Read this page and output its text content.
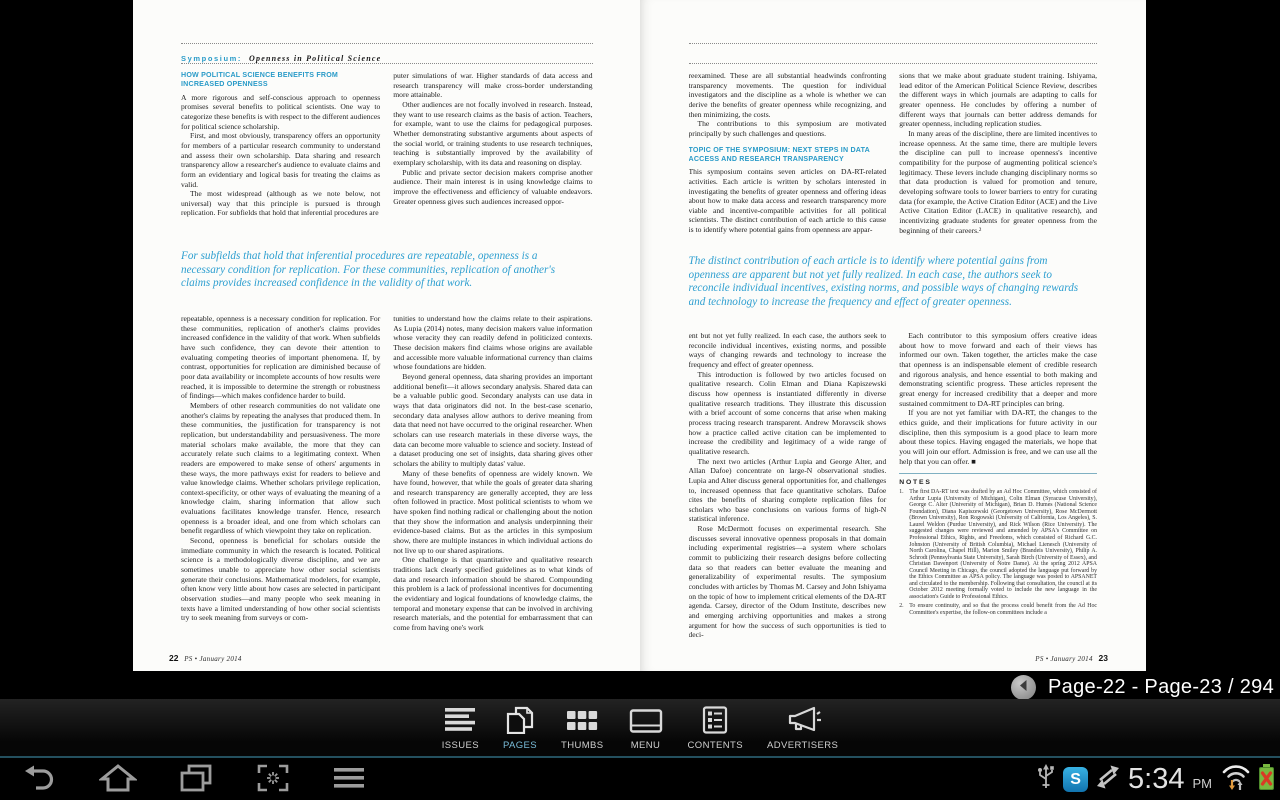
Symposium: Openness in Political Science
HOW POLITICAL SCIENCE BENEFITS FROM INCREASED OPENNESS

A more rigorous and self-conscious approach to openness promises several benefits to political scientists. One way to categorize these benefits is with respect to the different audiences for political science scholarship.

First, and most obviously, transparency offers an opportunity for members of a particular research community to understand and assess their own scholarship. Data sharing and research transparency allow a researcher's audience to evaluate claims and form an evidentiary and logical basis for treating the claims as valid.

The most widespread (although as we note below, not universal) way that this principle is pursued is through replication. For subfields that hold that inferential procedures are

puter simulations of war. Higher standards of data access and research transparency will make cross-border understanding more attainable.

Other audiences are not focally involved in research. Instead, they want to use research claims as the basis of action. Teachers, for example, want to use the claims for pedagogical purposes. Whether demonstrating substantive arguments about aspects of the social world, or training students to use research techniques, teaching is substantially improved by the availability of exemplary scholarship, with its data and reasoning on display.

Public and private sector decision makers comprise another audience. Their main interest is in using knowledge claims to improve the effectiveness and efficiency of valuable endeavors. Greater openness gives such audiences increased oppor-

For subfields that hold that inferential procedures are repeatable, openness is a necessary condition for replication. For these communities, replication of another's claims provides increased confidence in the validity of that work.

repeatable, openness is a necessary condition for replication. For these communities, replication of another's claims provides increased confidence in the validity of that work. When subfields have such confidence, they can devote their attention to evaluating competing theories of important phenomena. If, by contrast, opportunities for replication are diminished because of poor data availability or incomplete accounts of how results were reached, it is impossible to determine the strength or robustness of findings—which makes confidence harder to build.

Members of other research communities do not validate one another's claims by repeating the analyses that produced them. In these communities, the justification for transparency is not replication, but understandability and persuasiveness. The more material scholars make available, the more that they can accurately relate such claims to a legitimating context. When readers are empowered to make sense of others' arguments in these ways, the more pathways exist for readers to believe and value knowledge claims. Whether scholars privilege replication, context-specificity, or other ways of evaluating the meaning of a knowledge claim, sharing information that allow such evaluations facilitates knowledge transfer. Hence, research openness is a broader ideal, and one from which scholars can benefit regardless of which viewpoint they take on replication.

Second, openness is beneficial for scholars outside the immediate community in which the research is located. Political science is a methodologically diverse discipline, and we are sometimes unable to appreciate how other social scientists generate their conclusions. Mathematical modelers, for example, often know very little about how cases are selected in participant observation studies—and many people who seek meaning in texts have a limited understanding of how other social scientists try to seek meaning from surveys or com-

tunities to understand how the claims relate to their aspirations. As Lupia (2014) notes, many decision makers value information whose veracity they can readily defend in politicized contexts. These decision makers find claims whose origins are available and accessible more valuable informational currency than claims whose foundations are hidden.

Beyond general openness, data sharing provides an important additional benefit—it allows secondary analysis. Shared data can be a valuable public good. Secondary analysts can use data in ways that data originators did not. In the best-case scenario, secondary data analyses allow authors to derive meaning from data that need not have occurred to the original researcher. When scholars can use research materials in these diverse ways, the data can become more valuable to science and society. Instead of a dataset producing one set of insights, data sharing gives other scholars the ability to multiply datas' value.

Many of these benefits of openness are widely known. We have found, however, that while the goals of greater data sharing and research transparency are generally accepted, they are less often followed in practice. Most political scientists to whom we have spoken find nothing radical or challenging about the notion that they show the information and analysis underpinning their evidence-based claims. But as the articles in this symposium show, there are multiple instances in which individual actions do not live up to our shared aspirations.

One challenge is that quantitative and qualitative research traditions lack clearly specified guidelines as to what kinds of data and research information should be shared. Compounding this problem is a lack of professional incentives for documenting the evidentiary and logical foundations of knowledge claims, the temporal and monetary expense that can be involved in archiving research materials, and the potential for embarrassment that can come from having one's work

22 PS • January 2014

reexamined. These are all substantial headwinds confronting transparency movements. The question for individual investigators and the discipline as a whole is whether we can derive the benefits of greater openness while recognizing, and then minimizing, the costs.

The contributions to this symposium are motivated principally by such challenges and questions.

TOPIC OF THE SYMPOSIUM: NEXT STEPS IN DATA ACCESS AND RESEARCH TRANSPARENCY

This symposium contains seven articles on DA-RT-related activities. Each article is written by scholars interested in investigating the benefits of greater openness and offering ideas about how to make data access and research transparency more viable and incentive-compatible activities for all political scientists. The distinct contribution of each article to this cause is to identify where potential gains from openness are appar-

sions that we make about graduate student training. Ishiyama, lead editor of the American Political Science Review, describes the different ways in which journals are adapting to calls for greater openness. He concludes by offering a number of different ways that journals can better address demands for greater openness, including replication studies.

In many areas of the discipline, there are limited incentives to increase openness. At the same time, there are multiple levers the discipline can pull to increase openness's incentive compatibility for the purpose of augmenting political science's legitimacy. These levers include changing disciplinary norms so that data production is valued for promotion and tenure, developing software tools to lower barriers to entry for curating data (for example, the Active Citation Editor (ACE) and the Live Active Citation Editor (LACE) in qualitative research), and incentivizing graduate students for greater openness from the beginning of their careers.²

The distinct contribution of each article is to identify where potential gains from openness are apparent but not yet fully realized. In each case, the authors seek to reconcile individual incentives, existing norms, and possible ways of changing rewards and technology to increase the frequency and effect of greater openness.

ent but not yet fully realized. In each case, the authors seek to reconcile individual incentives, existing norms, and possible ways of changing rewards and technology to increase the frequency and effect of greater openness.

This introduction is followed by two articles focused on qualitative research. Colin Elman and Diana Kapiszewski discuss how openness is instantiated differently in diverse qualitative research traditions. They illustrate this discussion with a brief account of some concerns that arise when making process tracing research transparent. Andrew Moravscik shows how a practice called active citation can be implemented to increase the credibility and legitimacy of a wide range of qualitative research.

The next two articles (Arthur Lupia and George Alter, and Allan Dafoe) concentrate on large-N observational studies. Lupia and Alter discuss general opportunities for, and challenges to, increased openness that face quantitative scholars. Dafoe cites the benefits of sharing complete replication files for scholars who base conclusions on various forms of high-N statistical inference.

Rose McDermott focuses on experimental research. She discusses several innovative openness proposals in that domain including experimental registries—a system where scholars commit to publicizing their research designs before collecting data so that readers can better evaluate the meaning and generalizability of experimental results. The symposium concludes with articles by Thomas M. Carsey and John Ishiyama on the topic of how to implement critical elements of the DA-RT agenda. Carsey, director of the Odum Institute, describes new and emerging archiving opportunities and makes a strong argument for how the success of such opportunities is tied to deci-

Each contributor to this symposium offers creative ideas about how to move forward and each of their views has informed our own. Taken together, the articles make the case that openness is an indispensable element of credible research and rigorous analysis, and hence essential to both making and demonstrating scientific progress. These articles represent the great energy for increased credibility that a deeper and more sustained commitment to DA-RT principles can bring.

If you are not yet familiar with DA-RT, the changes to the ethics guide, and their implications for future activity in our discipline, then this symposium is a good place to learn more about these topics. Having engaged the materials, we hope that you will join our effort. Admission is free, and we can use all the help that you can offer. ■

NOTES
1. The first DA-RT text was drafted by an Ad Hoc Committee, which consisted of Arthur Lupia (University of Michigan), Colin Elman (Syracuse University), George C. Alter (University of Michigan), Brian D. Humes (National Science Foundation), Diana Kapiszewski (Georgetown University), Rose McDermott (Brown University), Ron Rogowski (University of California, Los Angeles), S. Laurel Weldon (Purdue University), and Rick Wilson (Rice University). The suggested changes were reviewed and amended by APSA's Committee on Professional Ethics, Rights, and Freedoms, which consisted of Richard G.C. Johnston (University of British Columbia), Michael Lienesch (University of North Carolina, Chapel Hill), Marion Smiley (Brandeis University), Philip A. Schrodt (Pennsylvania State University), Sarah Birch (University of Essex), and Christian Davenport (University of Notre Dame). At the spring 2012 APSA Council Meeting in Chicago, the council adopted the language put forward by the Ethics Committee as APSA policy. The language was posted to APSANET and circulated to the membership. Following that consultation, the council at its October 2012 meeting formally voted to include the new language in the association's Guide to Professional Ethics.
2. To ensure continuity, and so that the process could benefit from the Ad Hoc Committee's expertise, the follow-on committees include a
PS • January 2014 23
Page-22 - Page-23 / 294
ISSUES	PAGES	THUMBS	MENU	CONTENTS	ADVERTISERS
S 5:34 PM
